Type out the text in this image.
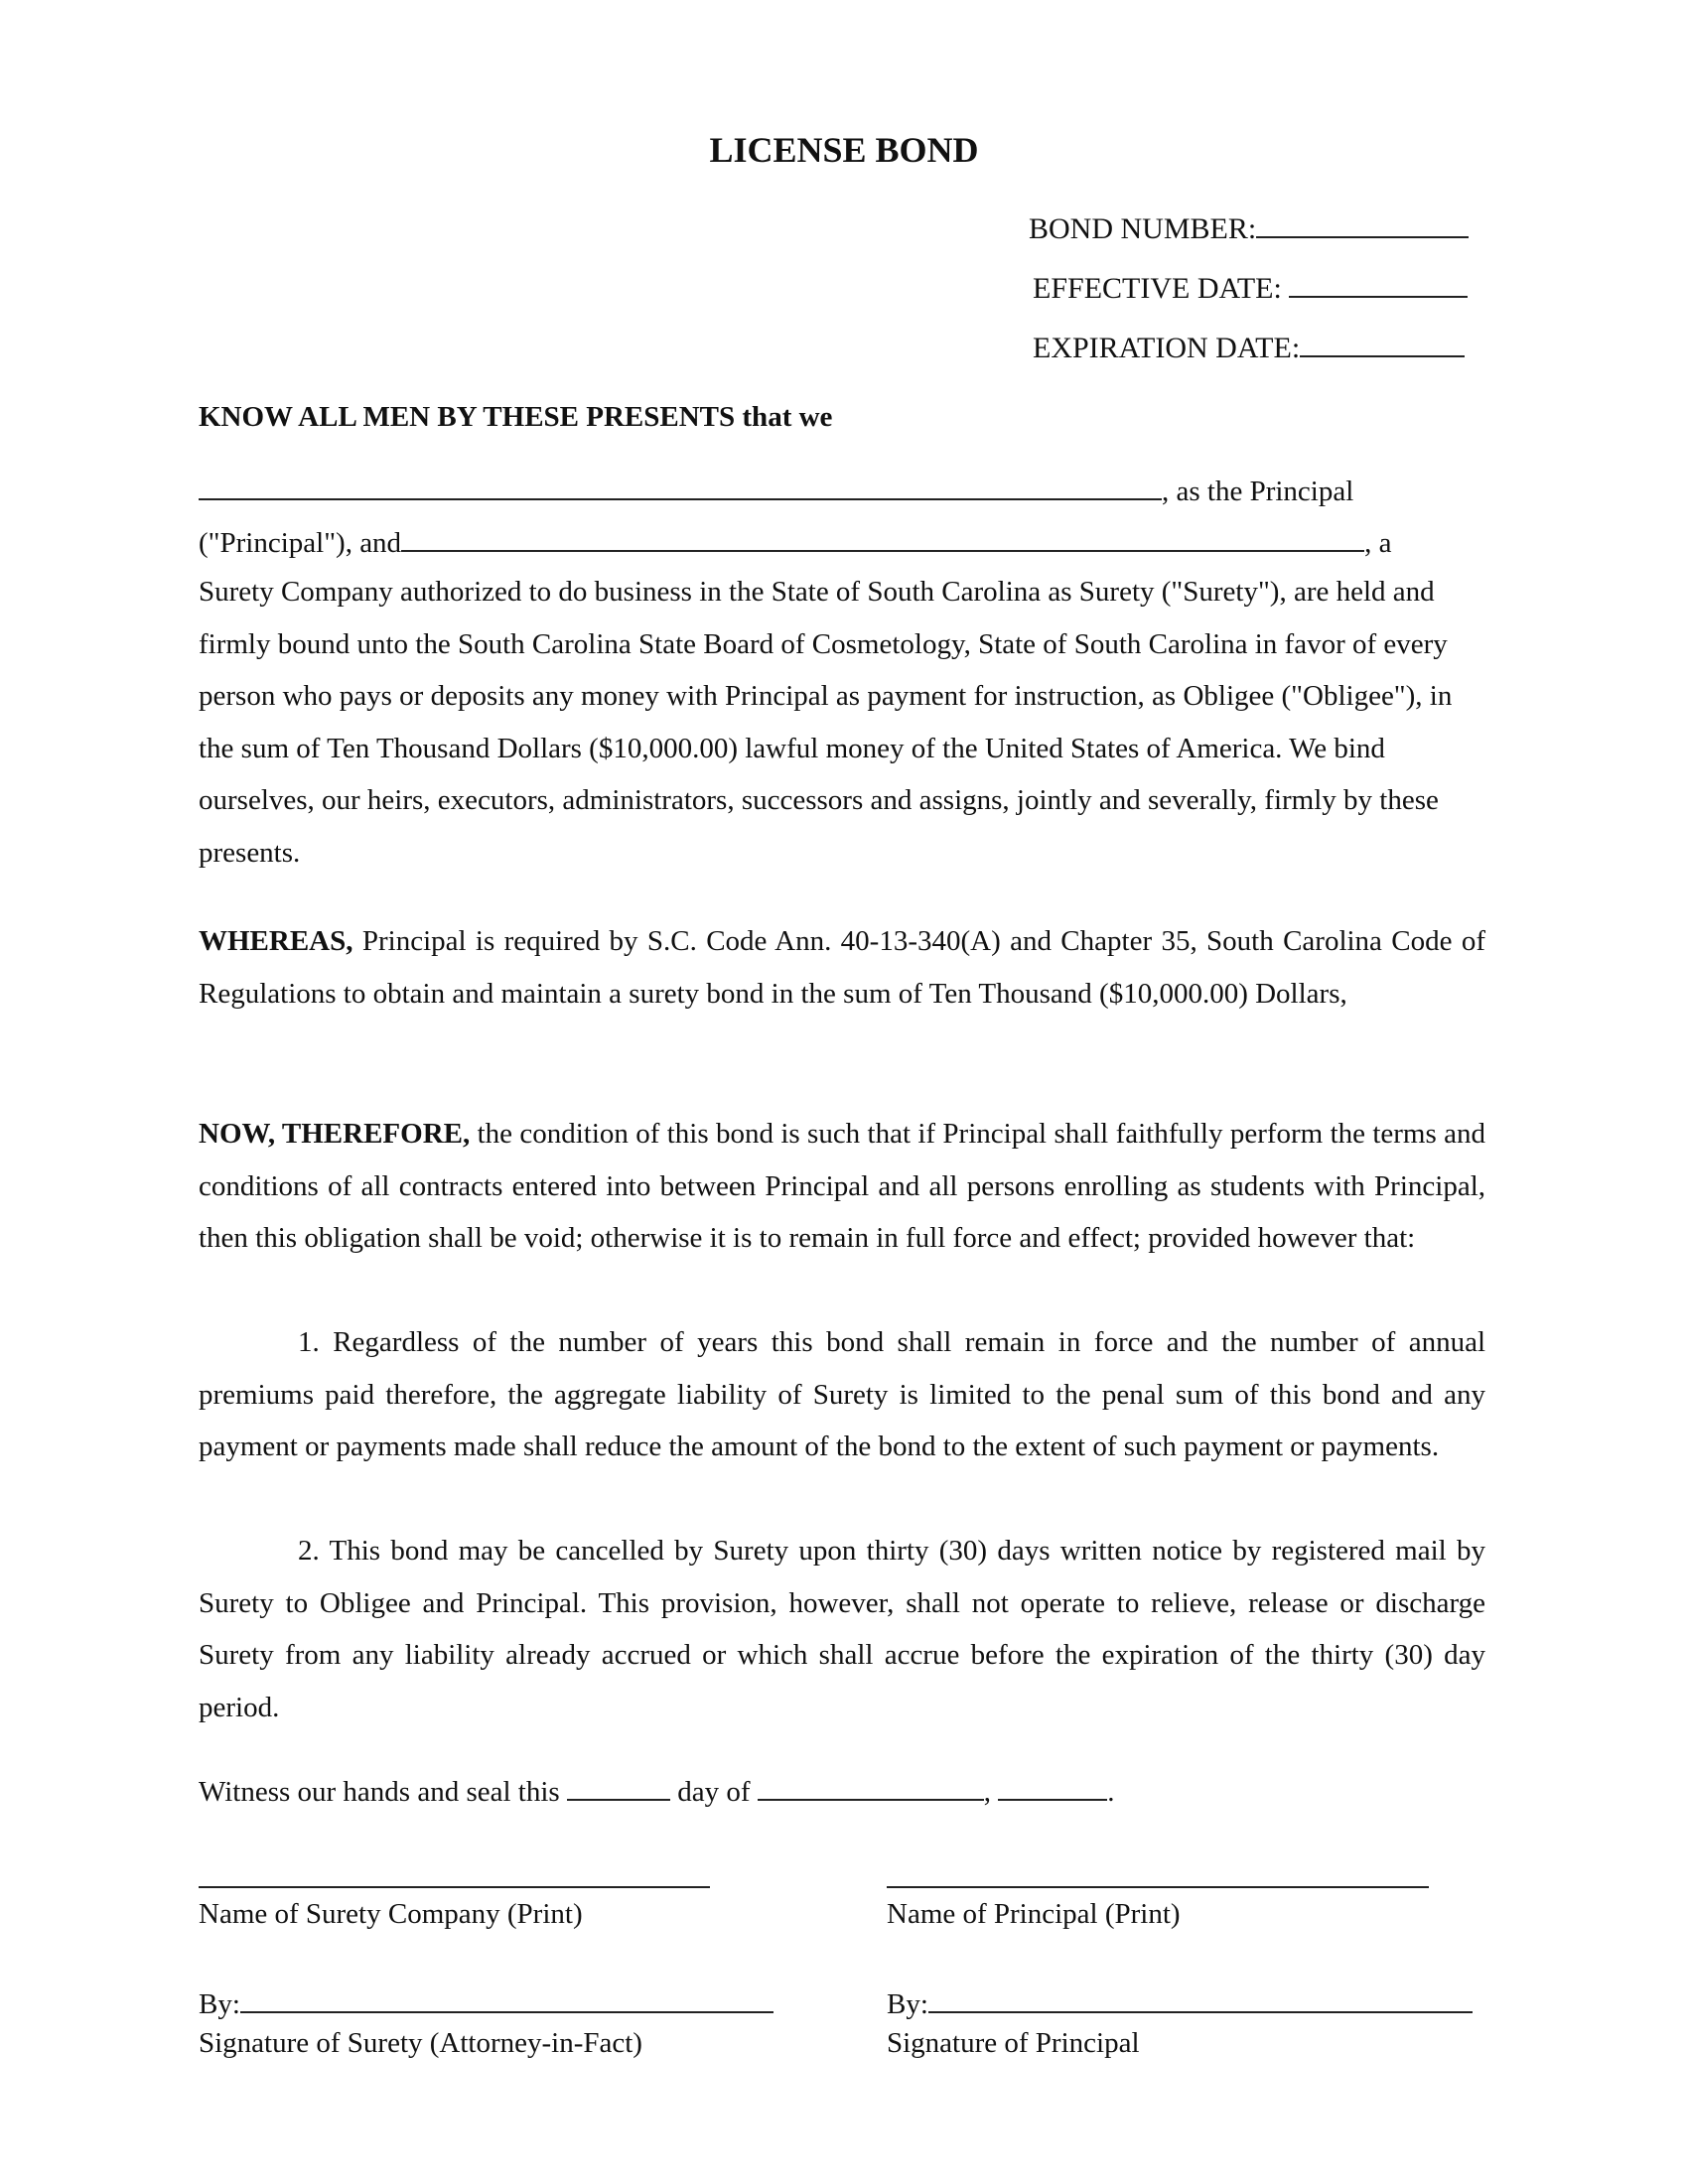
LICENSE BOND
BOND NUMBER:
EFFECTIVE DATE:
EXPIRATION DATE:
KNOW ALL MEN BY THESE PRESENTS that we
, as the Principal
("Principal"), and	, a
Surety Company authorized to do business in the State of South Carolina as Surety ("Surety"), are held and firmly bound unto the South Carolina State Board of Cosmetology, State of South Carolina in favor of every person who pays or deposits any money with Principal as payment for instruction, as Obligee ("Obligee"), in the sum of Ten Thousand Dollars ($10,000.00) lawful money of the United States of America. We bind ourselves, our heirs, executors, administrators, successors and assigns, jointly and severally, firmly by these presents.
WHEREAS, Principal is required by S.C. Code Ann. 40-13-340(A) and Chapter 35, South Carolina Code of Regulations to obtain and maintain a surety bond in the sum of Ten Thousand ($10,000.00) Dollars,
NOW, THEREFORE, the condition of this bond is such that if Principal shall faithfully perform the terms and conditions of all contracts entered into between Principal and all persons enrolling as students with Principal, then this obligation shall be void; otherwise it is to remain in full force and effect; provided however that:
1. Regardless of the number of years this bond shall remain in force and the number of annual premiums paid therefore, the aggregate liability of Surety is limited to the penal sum of this bond and any payment or payments made shall reduce the amount of the bond to the extent of such payment or payments.
2. This bond may be cancelled by Surety upon thirty (30) days written notice by registered mail by Surety to Obligee and Principal. This provision, however, shall not operate to relieve, release or discharge Surety from any liability already accrued or which shall accrue before the expiration of the thirty (30) day period.
Witness our hands and seal this	day of	,	.
Name of Surety Company (Print)	Name of Principal (Print)
By:
Signature of Surety (Attorney-in-Fact)
By:
Signature of Principal
